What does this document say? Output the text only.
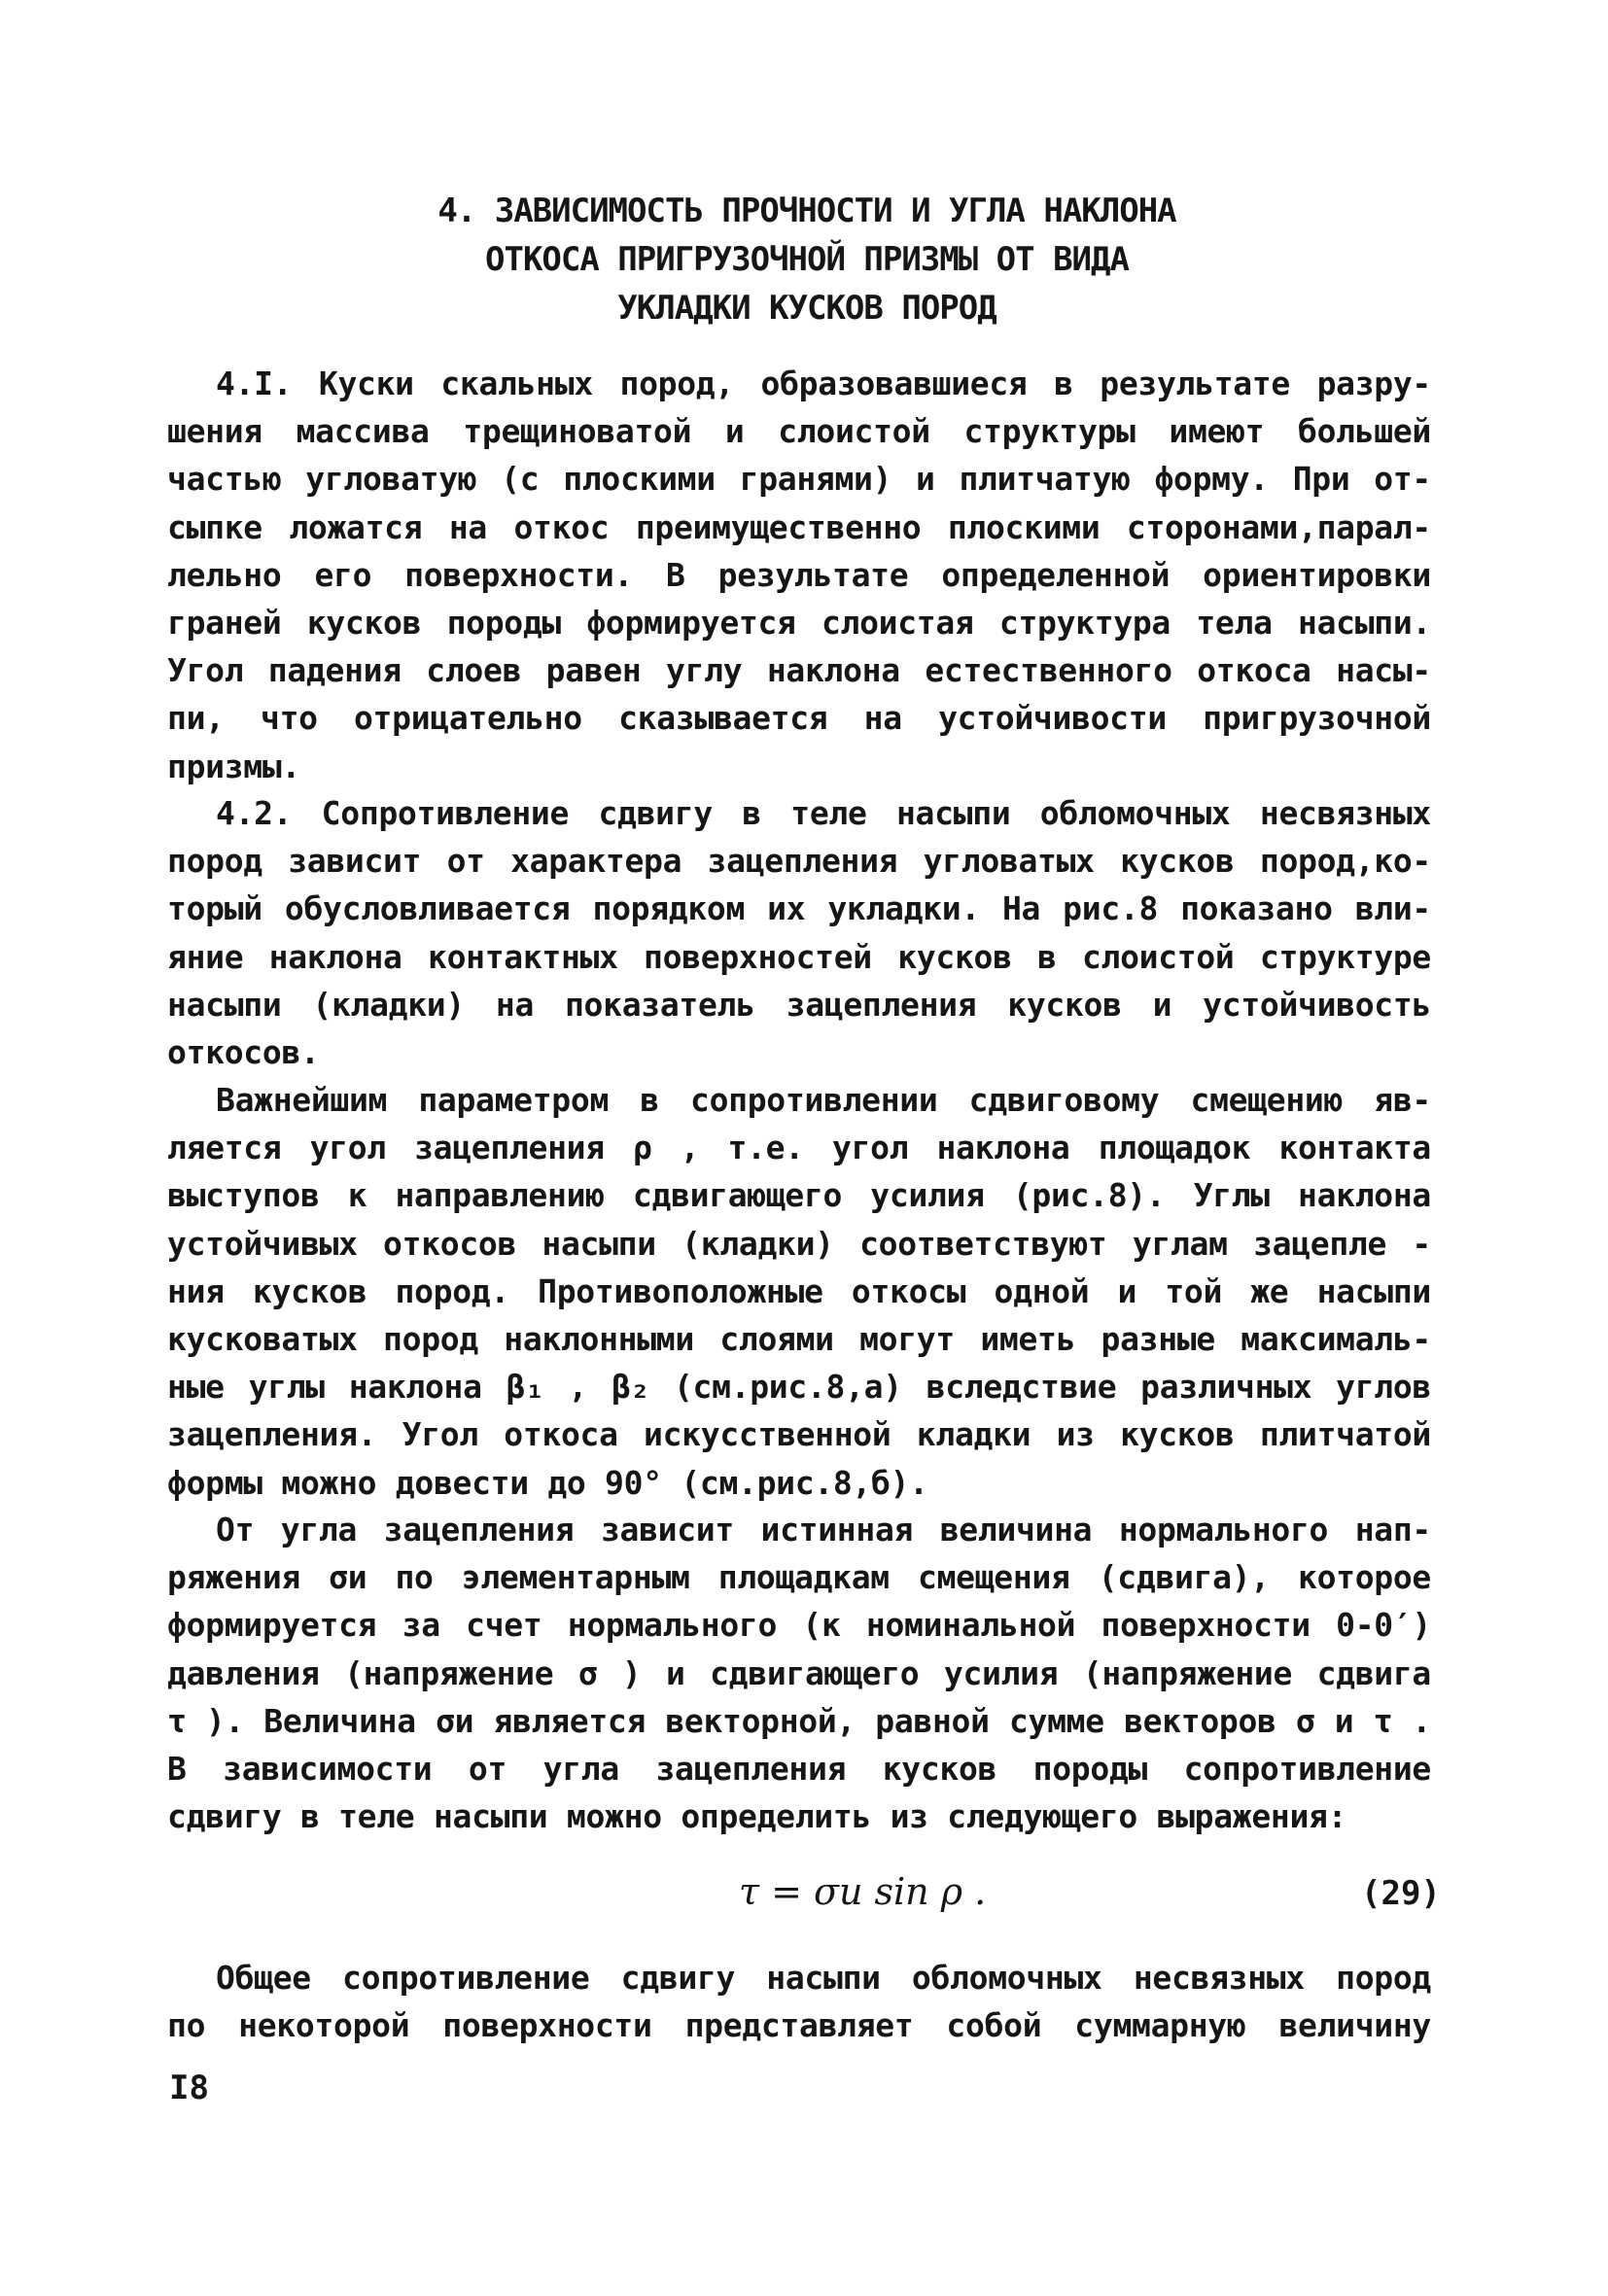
4. ЗАВИСИМОСТЬ ПРОЧНОСТИ И УГЛА НАКЛОНА
ОТКОСА ПРИГРУЗОЧНОЙ ПРИЗМЫ ОТ ВИДА
УКЛАДКИ КУСКОВ ПОРОД
4.I. Куски скальных пород, образовавшиеся в результате разру-
шения массива трещиноватой и слоистой структуры имеют большей
частью угловатую (с плоскими гранями) и плитчатую форму. При от-
сыпке ложатся на откос преимущественно плоскими сторонами,парал-
лельно его поверхности. В результате определенной ориентировки
граней кусков породы формируется слоистая структура тела насыпи.
Угол падения слоев равен углу наклона естественного откоса насы-
пи, что отрицательно сказывается на устойчивости пригрузочной
призмы.
4.2. Сопротивление сдвигу в теле насыпи обломочных несвязных
пород зависит от характера зацепления угловатых кусков пород,ко-
торый обусловливается порядком их укладки. На рис.8 показано вли-
яние наклона контактных поверхностей кусков в слоистой структуре
насыпи (кладки) на показатель зацепления кусков и устойчивость
откосов.
Важнейшим параметром в сопротивлении сдвиговому смещению яв-
ляется угол зацепления ρ , т.е. угол наклона площадок контакта
выступов к направлению сдвигающего усилия (рис.8). Углы наклона
устойчивых откосов насыпи (кладки) соответствуют углам зацепле -
ния кусков пород. Противоположные откосы одной и той же насыпи
кусковатых пород наклонными слоями могут иметь разные максималь-
ные углы наклона β₁ , β₂ (см.рис.8,а) вследствие различных углов
зацепления. Угол откоса искусственной кладки из кусков плитчатой
формы можно довести до 90° (см.рис.8,б).
От угла зацепления зависит истинная величина нормального нап-
ряжения σи по элементарным площадкам смещения (сдвига), которое
формируется за счет нормального (к номинальной поверхности 0-0′)
давления (напряжение σ ) и сдвигающего усилия (напряжение сдвига
τ ). Величина σи является векторной, равной сумме векторов σ и τ .
В зависимости от угла зацепления кусков породы сопротивление
сдвигу в теле насыпи можно определить из следующего выражения:
τ = σи sin ρ .	(29)
Общее сопротивление сдвигу насыпи обломочных несвязных пород
по некоторой поверхности представляет собой суммарную величину
I8
